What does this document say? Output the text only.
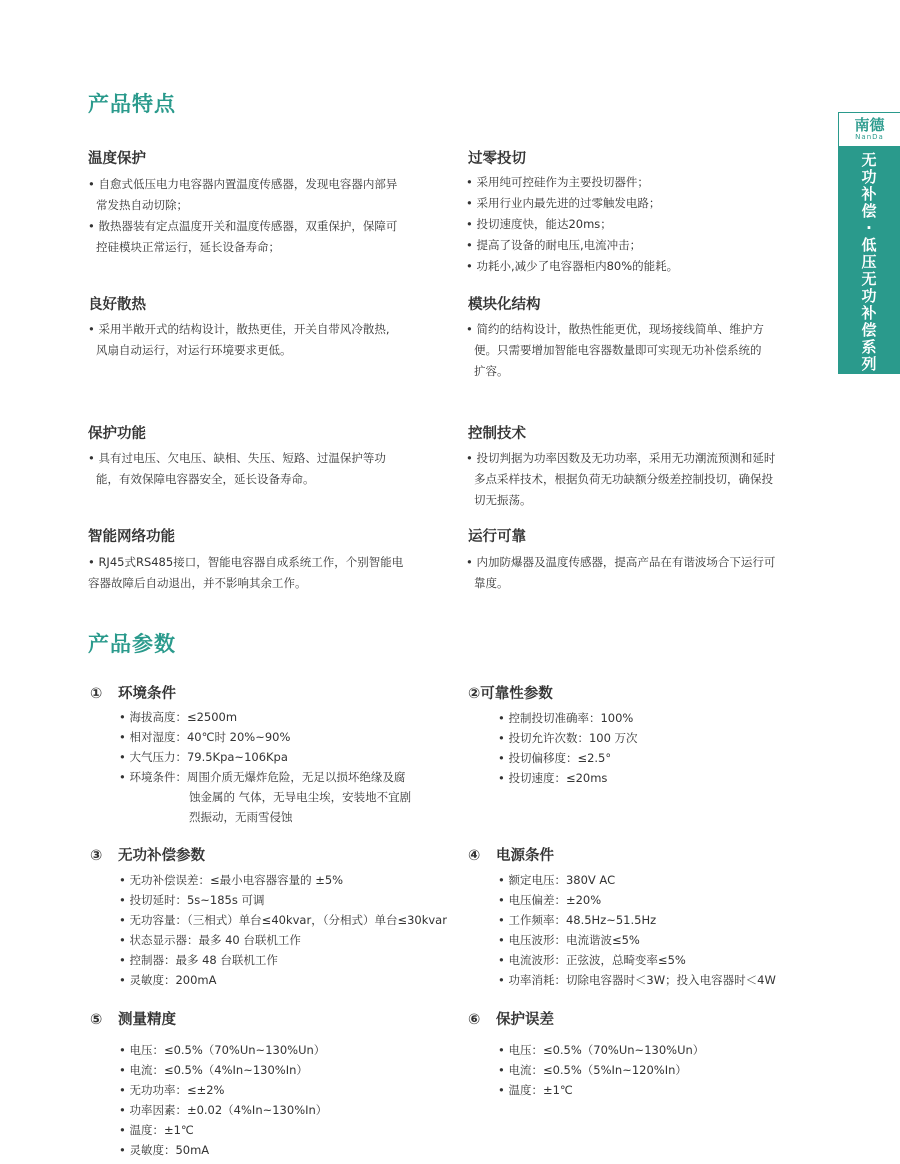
南德
NanDa
无
功
补
偿
·
低
压
无
功
补
偿
系
列
产品特点
温度保护
• 自愈式低压电力电容器内置温度传感器，发现电容器内部异
常发热自动切除；
• 散热器装有定点温度开关和温度传感器，双重保护，保障可
控硅模块正常运行，延长设备寿命；
过零投切
• 采用纯可控硅作为主要投切器件；
• 采用行业内最先进的过零触发电路；
• 投切速度快，能达20ms；
• 提高了设备的耐电压,电流冲击；
• 功耗小,减少了电容器柜内80%的能耗。
良好散热
• 采用半敞开式的结构设计，散热更佳，开关自带风冷散热,
风扇自动运行，对运行环境要求更低。
模块化结构
• 简约的结构设计，散热性能更优，现场接线简单、维护方
便。只需要增加智能电容器数量即可实现无功补偿系统的
扩容。
保护功能
• 具有过电压、欠电压、缺相、失压、短路、过温保护等功
能，有效保障电容器安全，延长设备寿命。
控制技术
• 投切判据为功率因数及无功功率，采用无功潮流预测和延时
多点采样技术，根据负荷无功缺额分级差控制投切，确保投
切无振荡。
智能网络功能
• RJ45式RS485接口，智能电容器自成系统工作，个别智能电
容器故障后自动退出，并不影响其余工作。
运行可靠
• 内加防爆器及温度传感器，提高产品在有谐波场合下运行可
靠度。
产品参数
① 环境条件
• 海拔高度：≤2500m
• 相对湿度：40℃时 20%~90%
• 大气压力：79.5Kpa~106Kpa
• 环境条件：周围介质无爆炸危险，无足以损坏绝缘及腐
蚀金属的 气体，无导电尘埃，安装地不宜剧
烈振动，无雨雪侵蚀
②可靠性参数
• 控制投切准确率：100%
• 投切允许次数：100 万次
• 投切偏移度：≤2.5°
• 投切速度：≤20ms
③ 无功补偿参数
• 无功补偿误差：≤最小电容器容量的 ±5%
• 投切延时：5s~185s 可调
• 无功容量：（三相式）单台≤40kvar，（分相式）单台≤30kvar
• 状态显示器：最多 40 台联机工作
• 控制器：最多 48 台联机工作
• 灵敏度：200mA
④ 电源条件
• 额定电压：380V AC
• 电压偏差：±20%
• 工作频率：48.5Hz~51.5Hz
• 电压波形：电流谐波≤5%
• 电流波形：正弦波，总畸变率≤5%
• 功率消耗：切除电容器时＜3W；投入电容器时＜4W
⑤ 测量精度
• 电压：≤0.5%（70%Un~130%Un）
• 电流：≤0.5%（4%In~130%In）
• 无功功率：≤±2%
• 功率因素：±0.02（4%In~130%In）
• 温度：±1℃
• 灵敏度：50mA
⑥ 保护误差
• 电压：≤0.5%（70%Un~130%Un）
• 电流：≤0.5%（5%In~120%In）
• 温度：±1℃
